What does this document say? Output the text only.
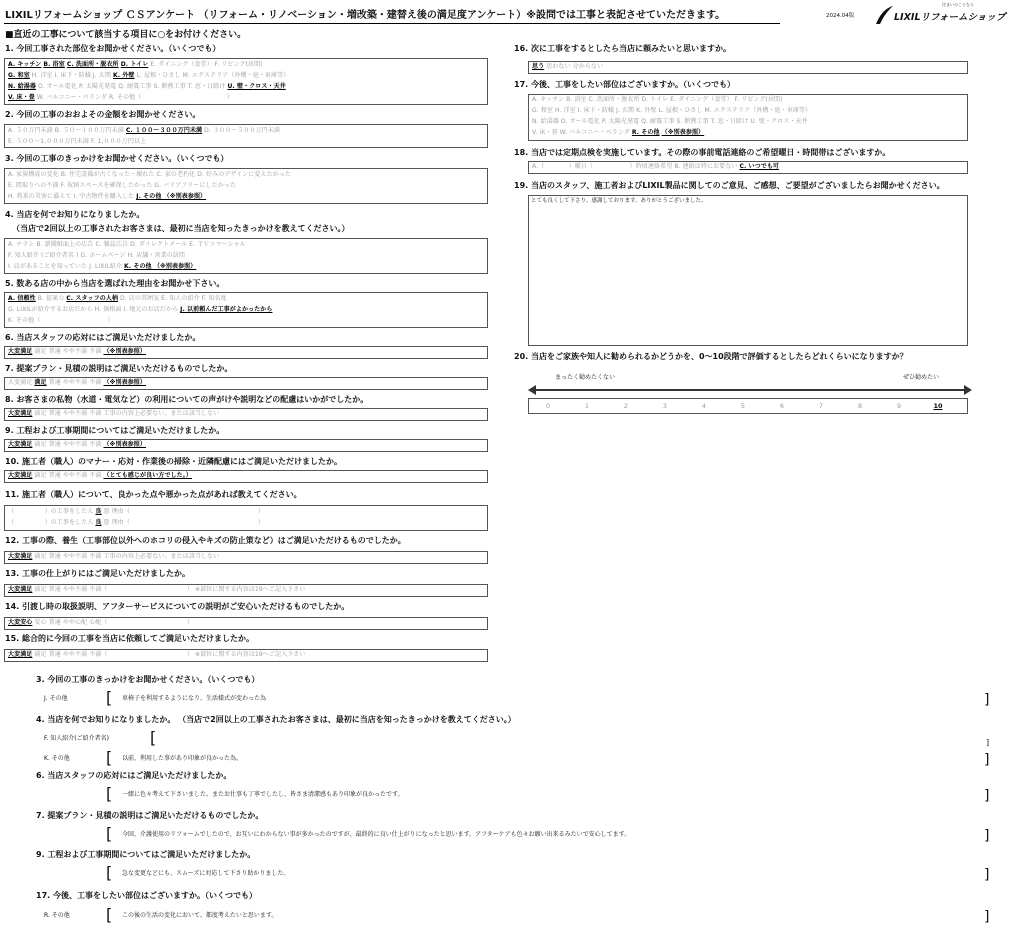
LIXILリフォームショップ ＣＳアンケート （リフォーム・リノベーション・増改築・建替え後の満足度アンケート）※設問では工事と表記させていただきます。	2024.04版
住まいのことなら
LIXILリフォームショップ
■直近の工事について該当する項目に○をお付けください。
1. 今回工事された部位をお聞かせください。（いくつでも）
2. 今回の工事のおおよその金額をお聞かせください。
3. 今回の工事のきっかけをお聞かせください。（いくつでも）
4. 当店を何でお知りになりましたか。
（当店で2回以上の工事されたお客さまは、最初に当店を知ったきっかけを教えてください。）
5. 数ある店の中から当店を選ばれた理由をお聞かせ下さい。
6. 当店スタッフの応対にはご満足いただけましたか。
7. 提案プラン・見積の説明はご満足いただけるものでしたか。
8. お客さまの私物（水道・電気など）の利用についての声がけや説明などの配慮はいかがでしたか。
9. 工程および工事期間についてはご満足いただけましたか。
10. 施工者（職人）のマナー・応対・作業後の掃除・近隣配慮にはご満足いただけましたか。
11. 施工者（職人）について、良かった点や悪かった点があれば教えてください。
12. 工事の際、養生（工事部位以外へのホコリの侵入やキズの防止策など）はご満足いただけるものでしたか。
13. 工事の仕上がりにはご満足いただけましたか。
14. 引渡し時の取扱説明、アフターサービスについての説明がご安心いただけるものでしたか。
15. 総合的に今回の工事を当店に依頼してご満足いただけましたか。
16. 次に工事をするとしたら当店に頼みたいと思いますか。
17. 今後、工事をしたい部位はございますか。（いくつでも）
18. 当店では定期点検を実施しています。その際の事前電話連絡のご希望曜日・時間帯はございますか。
19. 当店のスタッフ、施工者およびLIXIL製品に関してのご意見、ご感想、ご要望がございましたらお聞かせください。
とても良くして下さり、感謝しております。ありがとうございました。
20. 当店をご家族や知人に勧められるかどうかを、0～10段階で評価するとしたらどれくらいになりますか？
まったく勧めたくない	ぜひ勧めたい
A. キッチン B. 浴室 C. 洗面所・脱衣所 D. トイレ E. ダイニング（食堂） F. リビング(居間)
G. 和室 H. 洋室 I. 床下・防蟻 J. 玄関 K. 外壁 L. 屋根・ひさし M. エクステリア（外構・庭・車庫等）
N. 給湯器 O. オール電化 P. 太陽光発電 Q. 耐震工事 S. 断熱工事 T. 窓・日除け U. 壁・クロス・天井
V. 床・畳 W. バルコニー・ベランダ R. その他（　　　　　　　　　　　　　　）
A. ５０万円未満 B. ５０～１００万円未満 C. １００～３００万円未満 D. ３００～５００万円未満
E. ５００～1,０００万円未満 F. 1,０００万円以上
A. 家族構成の変化 B. 住宅設備が古くなった・壊れた C. 家の老朽化 D. 好みのデザインに変えたかった
E. 間取りへの不満 F. 収納スペースを確保したかった G. バリアフリーにしたかった
H. 将来の災害に備えて I. 中古物件を購入した J. その他 （※別表参照）
A. チラシ B. 新聞紙面上の広告 C. 雑誌広告 D. ダイレクトメール E. ＴＶコマーシャル
F. 知人紹介 (ご紹介者名 ) G. ホームページ H. 店舗・営業の訪問
I. 店があることを知っていた J. LIXIL紹介 K. その他 （※別表参照）
A. 信頼性 B. 提案力 C. スタッフの人柄 D. 店の雰囲気 E. 知人の紹介 F. 知名度
G. LIXILが紹介するお店だから H. 価格面 I. 地元のお店だから J. 以前頼んだ工事がよかったから
K. その他（　　　　　　　　　　　）
（　　　　　）の工事をした人 良 悪 理由（　　　　　　　　　　　　　　　　　　　　　）
（　　　　　）の工事をした人 良 悪 理由（　　　　　　　　　　　　　　　　　　　　　）
A. キッチン B. 浴室 C. 洗面所・脱衣所 D. トイレ E. ダイニング（食堂） F. リビング(居間)
G. 和室 H. 洋室 I. 床下・防蟻 J. 玄関 K. 外壁 L. 屋根・ひさし M. エクステリア（外構・庭・車庫等）
N. 給湯器 O. オール電化 P. 太陽光発電 Q. 耐震工事 S. 断熱工事 T. 窓・日除け U. 壁・クロス・天井
V. 床・畳 W. バルコニー・ベランダ R. その他 （※別表参照）
大変満足 満足 普通 やや不満 不満 （※別表参照）
大変満足 満足 普通 やや不満 不満 （※別表参照）
大変満足 満足 普通 やや不満 不満 工事の内容上必要ない、または該当しない
大変満足 満足 普通 やや不満 不満 （※別表参照）
大変満足 満足 普通 やや不満 不満 （とても感じが良い方でした。）
大変満足 満足 普通 やや不満 不満 工事の内容上必要ない、または該当しない
大変満足 満足 普通 やや不満 不満（　　　　　　　　　　　　　） ※部位に関する内容は19へご記入下さい
大変安心 安心 普通 やや心配 心配（　　　　　　　　　　　　　）
大変満足 満足 普通 やや不満 不満（　　　　　　　　　　　　　） ※部位に関する内容は19へご記入下さい
思う 思わない 分からない
A.（　　　　）曜日（　　　　　　）時頃連絡希望 B. 連絡は特にお要ない C. いつでも可
0	1	2	3	4	5	6	7	8	9	10
3. 今回の工事のきっかけをお聞かせください。（いくつでも）
J. その他 [ 車椅子を利用するようになり、生活様式が変わった為	]
4. 当店を何でお知りになりましたか。 （当店で2回以上の工事されたお客さまは、最初に当店を知ったきっかけを教えてください。）
F. 知人紹介(ご紹介者名)	[	]
K. その他 [ 以前、利用した事があり印象が良かった為。	]
6. 当店スタッフの応対にはご満足いただけましたか。
[ 一緒に色々考えて下さいました。またお仕事も丁寧でしたし、皆さま清潔感もあり印象が良かったです。	]
7. 提案プラン・見積の説明はご満足いただけるものでしたか。
[ 今回、介護使用のリフォームでしたので、お互いにわからない事が多かったのですが、最終的に良い仕上がりになったと思います。アフターケアも色々お願い出来るみたいで安心してます。	]
9. 工程および工事期間についてはご満足いただけましたか。
[ 急な変更などにも、スムーズに対応して下さり助かりました。	]
17. 今後、工事をしたい部位はございますか。（いくつでも）
R. その他 [ この後の生活の変化において、都度考えたいと思います。	]
